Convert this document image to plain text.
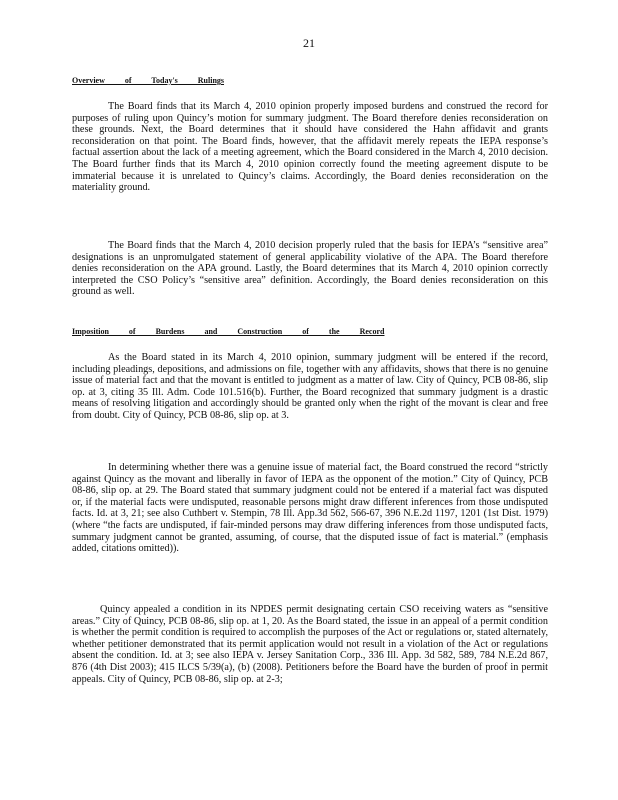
21
Overview of Today's Rulings

The Board finds that its March 4, 2010 opinion properly imposed burdens and construed the record for purposes of ruling upon Quincy’s motion for summary judgment. The Board therefore denies reconsideration on these grounds. Next, the Board determines that it should have considered the Hahn affidavit and grants reconsideration on that point. The Board finds, however, that the affidavit merely repeats the IEPA response’s factual assertion about the lack of a meeting agreement, which the Board considered in the March 4, 2010 decision. The Board further finds that its March 4, 2010 opinion correctly found the meeting agreement dispute to be immaterial because it is unrelated to Quincy’s claims. Accordingly, the Board denies reconsideration on the materiality ground.

The Board finds that the March 4, 2010 decision properly ruled that the basis for IEPA’s “sensitive area” designations is an unpromulgated statement of general applicability violative of the APA. The Board therefore denies reconsideration on the APA ground. Lastly, the Board determines that its March 4, 2010 opinion correctly interpreted the CSO Policy’s “sensitive area” definition. Accordingly, the Board denies reconsideration on this ground as well.

Imposition of Burdens and Construction of the Record

As the Board stated in its March 4, 2010 opinion, summary judgment will be entered if the record, including pleadings, depositions, and admissions on file, together with any affidavits, shows that there is no genuine issue of material fact and that the movant is entitled to judgment as a matter of law. City of Quincy, PCB 08-86, slip op. at 3, citing 35 Ill. Adm. Code 101.516(b). Further, the Board recognized that summary judgment is a drastic means of resolving litigation and accordingly should be granted only when the right of the movant is clear and free from doubt. City of Quincy, PCB 08-86, slip op. at 3.

In determining whether there was a genuine issue of material fact, the Board construed the record “strictly against Quincy as the movant and liberally in favor of IEPA as the opponent of the motion.” City of Quincy, PCB 08-86, slip op. at 29. The Board stated that summary judgment could not be entered if a material fact was disputed or, if the material facts were undisputed, reasonable persons might draw different inferences from those undisputed facts. Id. at 3, 21; see also Cuthbert v. Stempin, 78 Ill. App.3d 562, 566-67, 396 N.E.2d 1197, 1201 (1st Dist. 1979) (where “the facts are undisputed, if fair-minded persons may draw differing inferences from those undisputed facts, summary judgment cannot be granted, assuming, of course, that the disputed issue of fact is material.” (emphasis added, citations omitted)).

Quincy appealed a condition in its NPDES permit designating certain CSO receiving waters as “sensitive areas.” City of Quincy, PCB 08-86, slip op. at 1, 20. As the Board stated, the issue in an appeal of a permit condition is whether the permit condition is required to accomplish the purposes of the Act or regulations or, stated alternately, whether petitioner demonstrated that its permit application would not result in a violation of the Act or regulations absent the condition. Id. at 3; see also IEPA v. Jersey Sanitation Corp., 336 Ill. App. 3d 582, 589, 784 N.E.2d 867, 876 (4th Dist 2003); 415 ILCS 5/39(a), (b) (2008). Petitioners before the Board have the burden of proof in permit appeals. City of Quincy, PCB 08-86, slip op. at 2-3;
